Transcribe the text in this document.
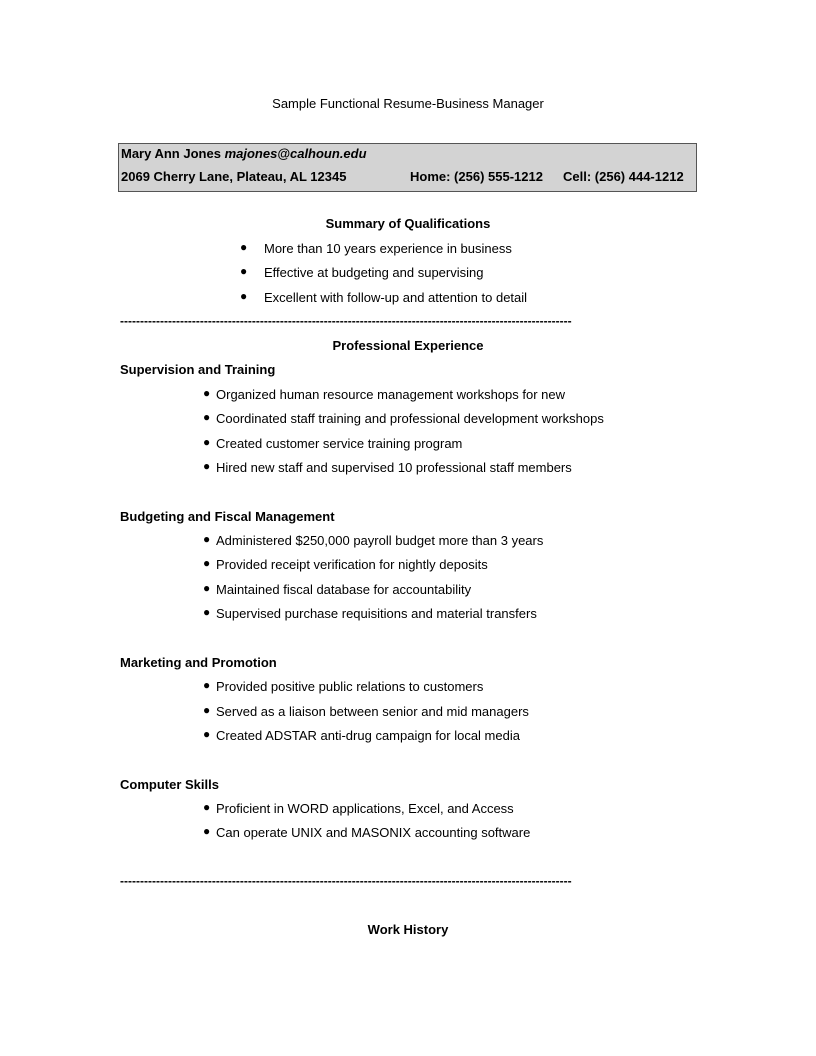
Sample Functional Resume-Business Manager
Mary Ann Jones majones@calhoun.edu
2069 Cherry Lane, Plateau, AL 12345	Home: (256) 555-1212 Cell: (256) 444-1212
Summary of Qualifications
● More than 10 years experience in business
● Effective at budgeting and supervising
● Excellent with follow-up and attention to detail
-----------------------------------------------------------------------------------------------------------------
Professional Experience
Supervision and Training
● Organized human resource management workshops for new
● Coordinated staff training and professional development workshops
● Created customer service training program
● Hired new staff and supervised 10 professional staff members
Budgeting and Fiscal Management
● Administered $250,000 payroll budget more than 3 years
● Provided receipt verification for nightly deposits
● Maintained fiscal database for accountability
● Supervised purchase requisitions and material transfers
Marketing and Promotion
● Provided positive public relations to customers
● Served as a liaison between senior and mid managers
● Created ADSTAR anti-drug campaign for local media
Computer Skills
● Proficient in WORD applications, Excel, and Access
● Can operate UNIX and MASONIX accounting software
-----------------------------------------------------------------------------------------------------------------
Work History
